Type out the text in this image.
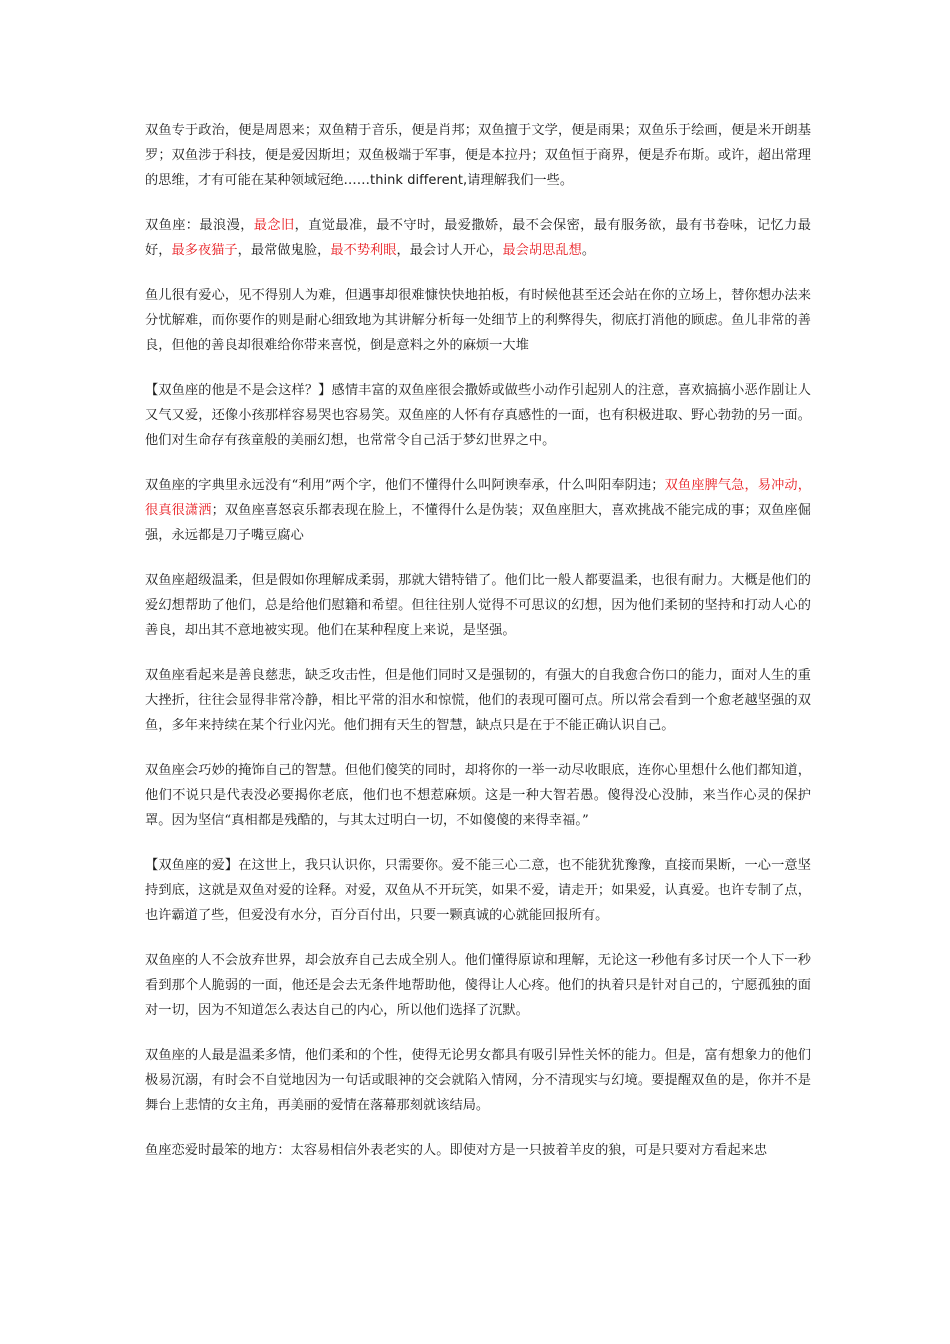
双鱼专于政治，便是周恩来；双鱼精于音乐，便是肖邦；双鱼擅于文学，便是雨果；双鱼乐于绘画，便是米开朗基罗；双鱼涉于科技，便是爱因斯坦；双鱼极端于军事，便是本拉丹；双鱼恒于商界，便是乔布斯。或许，超出常理的思维，才有可能在某种领域冠绝……think different,请理解我们一些。

双鱼座：最浪漫，最念旧，直觉最准，最不守时，最爱撒娇，最不会保密，最有服务欲，最有书卷味，记忆力最好，最多夜猫子，最常做鬼脸，最不势利眼，最会讨人开心，最会胡思乱想。

鱼儿很有爱心，见不得别人为难，但遇事却很难慷快快地拍板，有时候他甚至还会站在你的立场上，替你想办法来分忧解难，而你要作的则是耐心细致地为其讲解分析每一处细节上的利弊得失，彻底打消他的顾虑。鱼儿非常的善良，但他的善良却很难给你带来喜悦，倒是意料之外的麻烦一大堆

【双鱼座的他是不是会这样？】感情丰富的双鱼座很会撒娇或做些小动作引起别人的注意，喜欢搞搞小恶作剧让人又气又爱，还像小孩那样容易哭也容易笑。双鱼座的人怀有存真感性的一面，也有积极进取、野心勃勃的另一面。他们对生命存有孩童般的美丽幻想，也常常令自己活于梦幻世界之中。

双鱼座的字典里永远没有“利用”两个字，他们不懂得什么叫阿谀奉承，什么叫阳奉阴违；双鱼座脾气急，易冲动，很真很潇洒；双鱼座喜怒哀乐都表现在脸上，不懂得什么是伪装；双鱼座胆大，喜欢挑战不能完成的事；双鱼座倔强，永远都是刀子嘴豆腐心

双鱼座超级温柔，但是假如你理解成柔弱，那就大错特错了。他们比一般人都要温柔，也很有耐力。大概是他们的爱幻想帮助了他们，总是给他们慰籍和希望。但往往别人觉得不可思议的幻想，因为他们柔韧的坚持和打动人心的善良，却出其不意地被实现。他们在某种程度上来说，是坚强。

双鱼座看起来是善良慈悲，缺乏攻击性，但是他们同时又是强韧的，有强大的自我愈合伤口的能力，面对人生的重大挫折，往往会显得非常冷静，相比平常的泪水和惊慌，他们的表现可圈可点。所以常会看到一个愈老越坚强的双鱼，多年来持续在某个行业闪光。他们拥有天生的智慧，缺点只是在于不能正确认识自己。

双鱼座会巧妙的掩饰自己的智慧。但他们傻笑的同时，却将你的一举一动尽收眼底，连你心里想什么他们都知道，他们不说只是代表没必要揭你老底，他们也不想惹麻烦。这是一种大智若愚。傻得没心没肺，来当作心灵的保护罩。因为坚信“真相都是残酷的，与其太过明白一切，不如傻傻的来得幸福。”

【双鱼座的爱】在这世上，我只认识你，只需要你。爱不能三心二意，也不能犹犹豫豫，直接而果断，一心一意坚持到底，这就是双鱼对爱的诠释。对爱，双鱼从不开玩笑，如果不爱，请走开；如果爱，认真爱。也许专制了点，也许霸道了些，但爱没有水分，百分百付出，只要一颗真诚的心就能回报所有。

双鱼座的人不会放弃世界，却会放弃自己去成全别人。他们懂得原谅和理解，无论这一秒他有多讨厌一个人下一秒看到那个人脆弱的一面，他还是会去无条件地帮助他，傻得让人心疼。他们的执着只是针对自己的，宁愿孤独的面对一切，因为不知道怎么表达自己的内心，所以他们选择了沉默。

双鱼座的人最是温柔多情，他们柔和的个性，使得无论男女都具有吸引异性关怀的能力。但是，富有想象力的他们极易沉溺，有时会不自觉地因为一句话或眼神的交会就陷入情网，分不清现实与幻境。要提醒双鱼的是，你并不是舞台上悲情的女主角，再美丽的爱情在落幕那刻就该结局。

鱼座恋爱时最笨的地方：太容易相信外表老实的人。即使对方是一只披着羊皮的狼，可是只要对方看起来忠
